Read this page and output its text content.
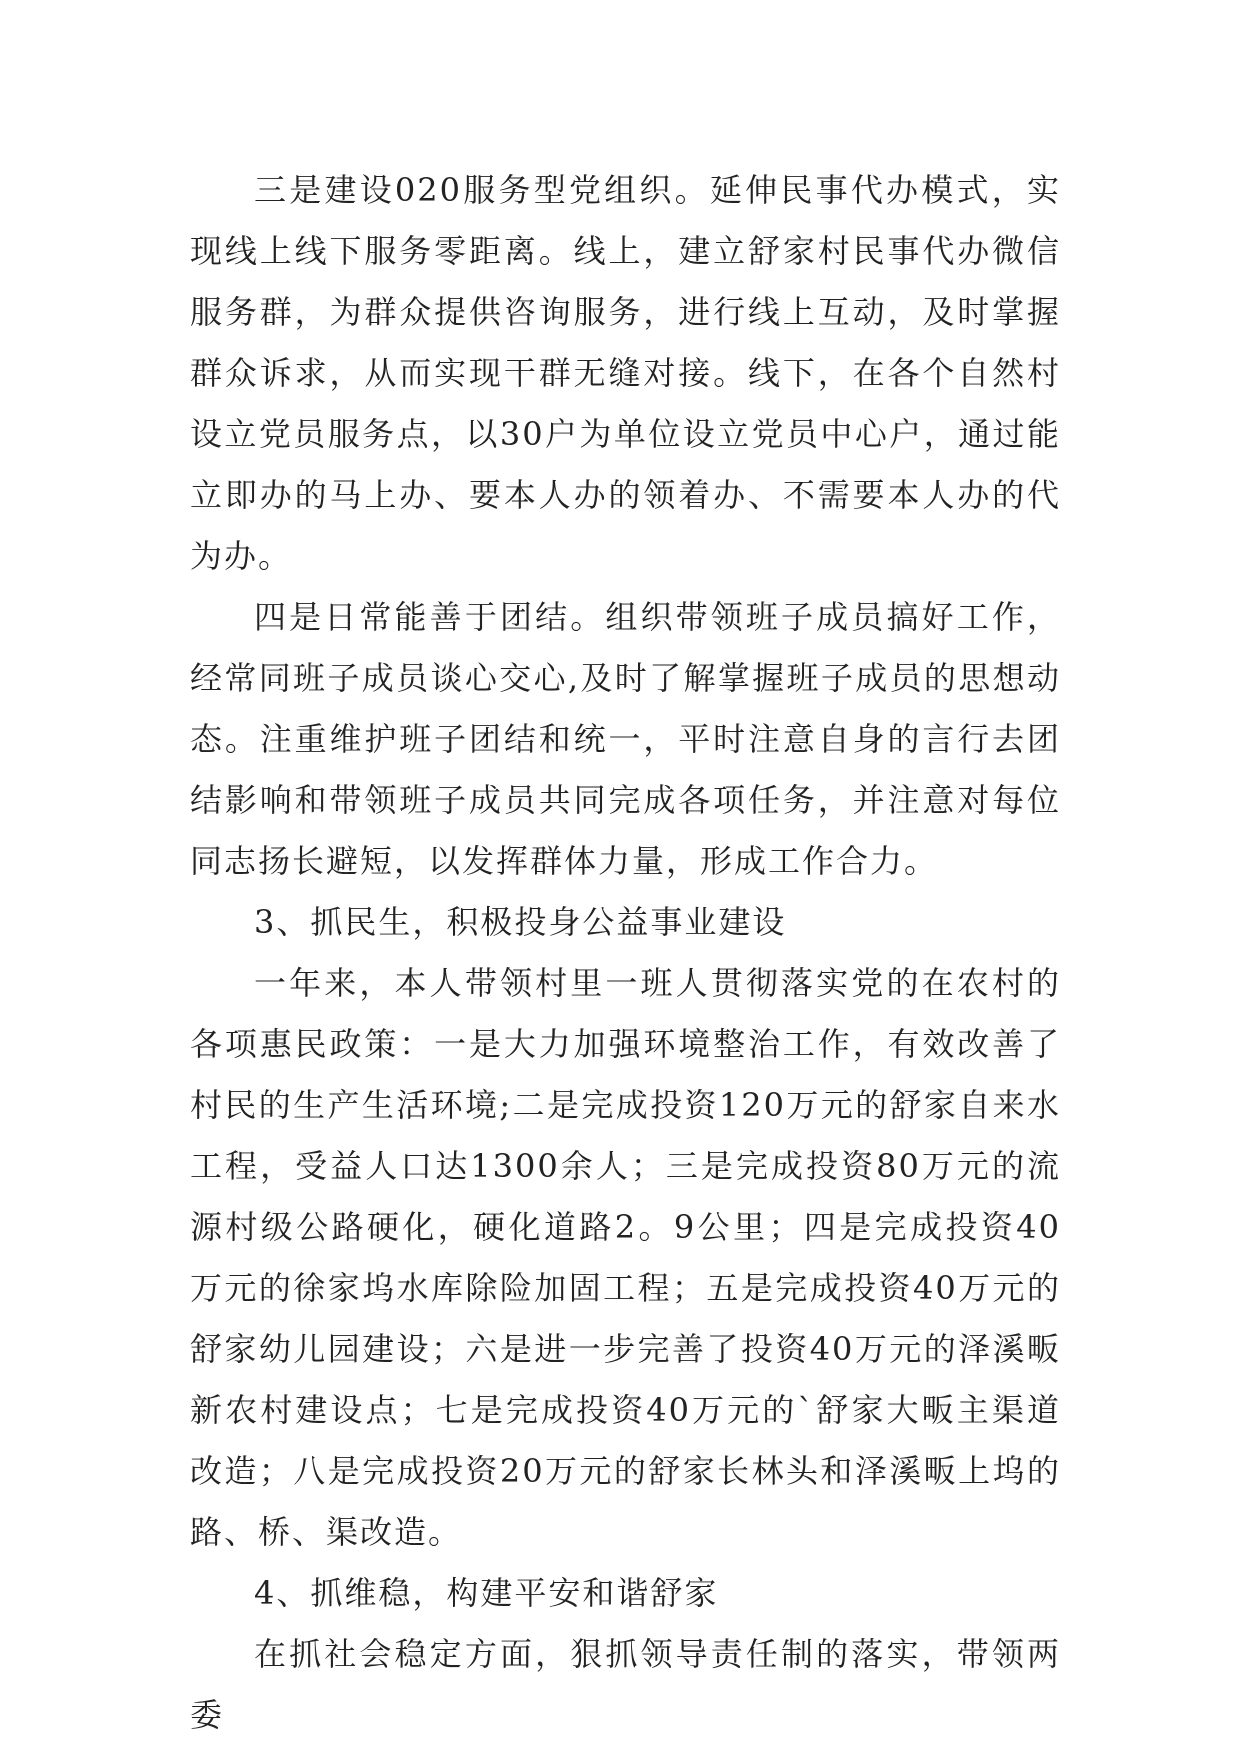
三是建设020服务型党组织。延伸民事代办模式，实现线上线下服务零距离。线上，建立舒家村民事代办微信服务群，为群众提供咨询服务，进行线上互动，及时掌握群众诉求，从而实现干群无缝对接。线下，在各个自然村设立党员服务点，以30户为单位设立党员中心户，通过能立即办的马上办、要本人办的领着办、不需要本人办的代为办。

四是日常能善于团结。组织带领班子成员搞好工作，经常同班子成员谈心交心,及时了解掌握班子成员的思想动态。注重维护班子团结和统一，平时注意自身的言行去团结影响和带领班子成员共同完成各项任务，并注意对每位同志扬长避短，以发挥群体力量，形成工作合力。

3、抓民生，积极投身公益事业建设

一年来，本人带领村里一班人贯彻落实党的在农村的各项惠民政策：一是大力加强环境整治工作，有效改善了村民的生产生活环境;二是完成投资120万元的舒家自来水工程，受益人口达1300余人；三是完成投资80万元的流源村级公路硬化，硬化道路2。9公里；四是完成投资40万元的徐家坞水库除险加固工程；五是完成投资40万元的舒家幼儿园建设；六是进一步完善了投资40万元的泽溪畈新农村建设点；七是完成投资40万元的`舒家大畈主渠道改造；八是完成投资20万元的舒家长林头和泽溪畈上坞的路、桥、渠改造。

4、抓维稳，构建平安和谐舒家

在抓社会稳定方面，狠抓领导责任制的落实，带领两委
